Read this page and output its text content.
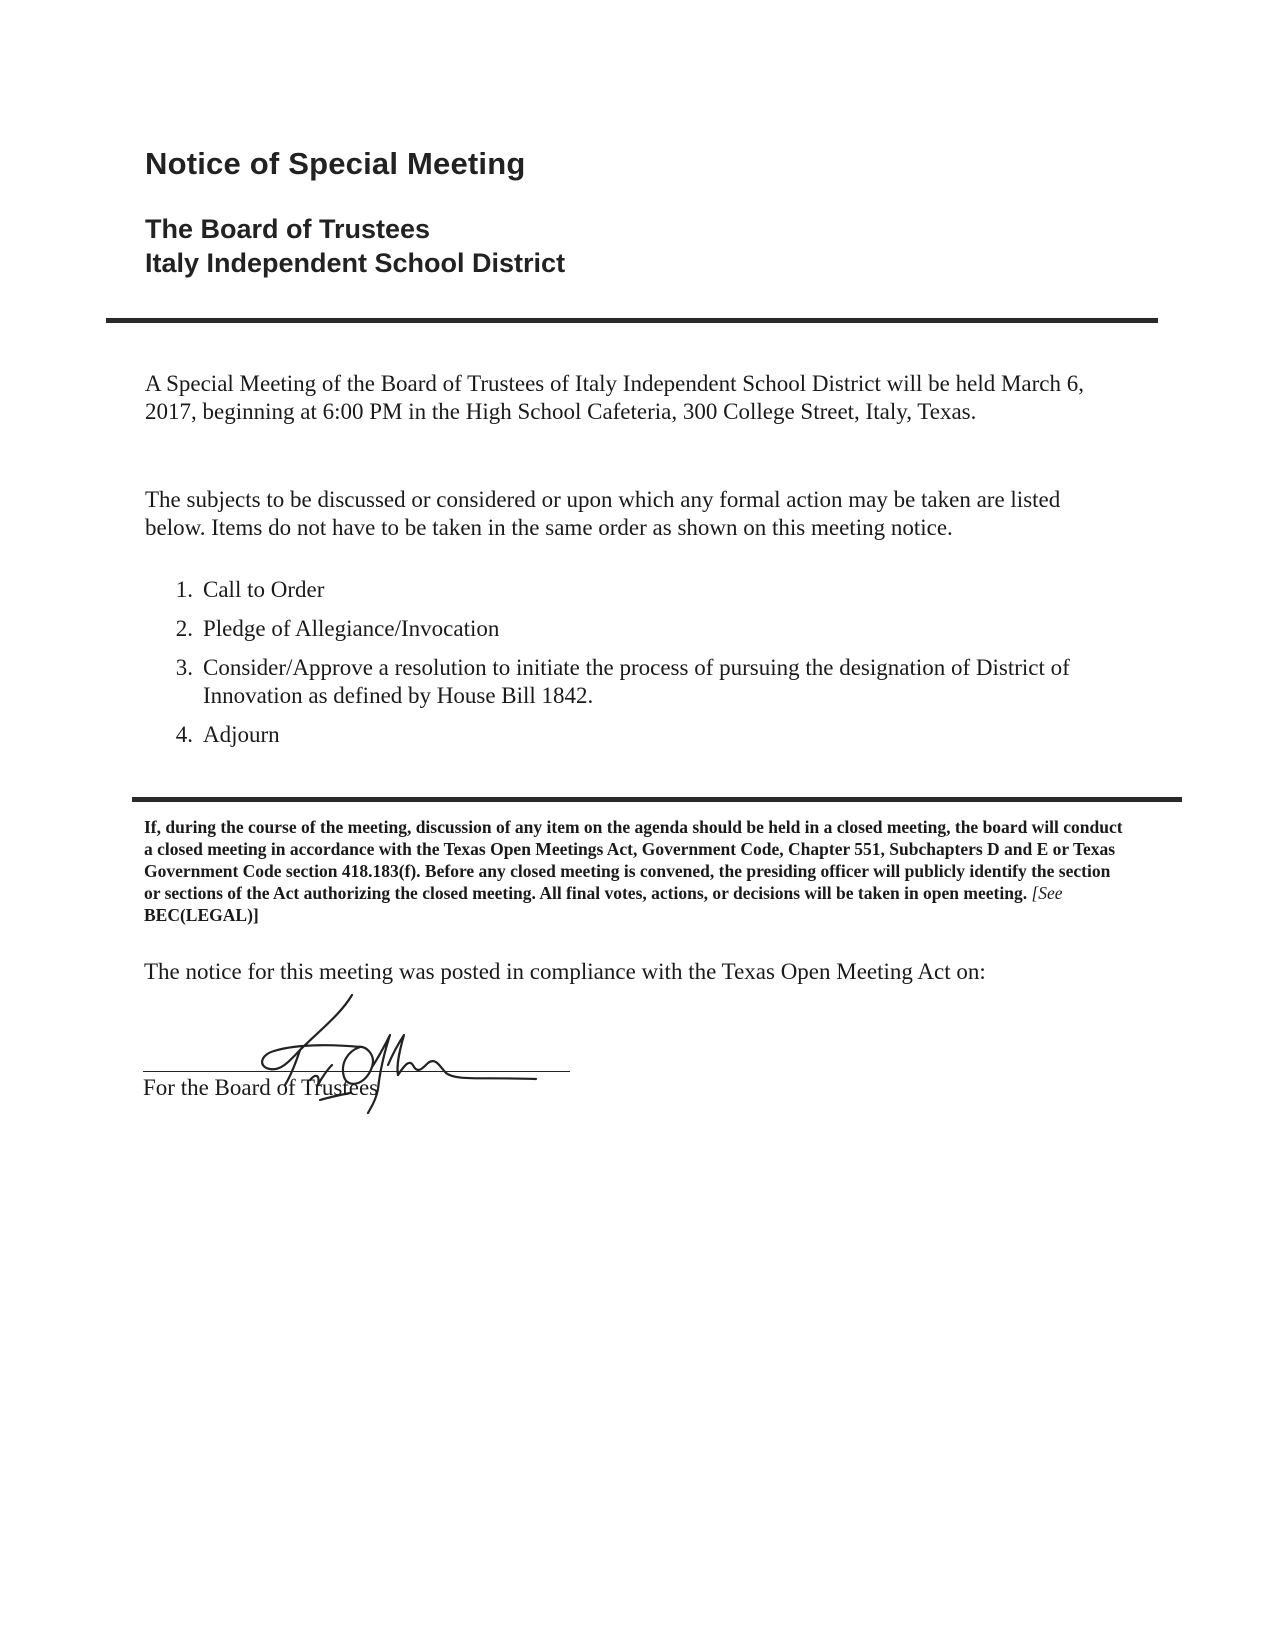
Notice of Special Meeting
The Board of Trustees
Italy Independent School District

A Special Meeting of the Board of Trustees of Italy Independent School District will be held March 6, 2017, beginning at 6:00 PM in the High School Cafeteria, 300 College Street, Italy, Texas.

The subjects to be discussed or considered or upon which any formal action may be taken are listed below. Items do not have to be taken in the same order as shown on this meeting notice.

1. Call to Order
2. Pledge of Allegiance/Invocation
3. Consider/Approve a resolution to initiate the process of pursuing the designation of District of Innovation as defined by House Bill 1842.
4. Adjourn

If, during the course of the meeting, discussion of any item on the agenda should be held in a closed meeting, the board will conduct a closed meeting in accordance with the Texas Open Meetings Act, Government Code, Chapter 551, Subchapters D and E or Texas Government Code section 418.183(f). Before any closed meeting is convened, the presiding officer will publicly identify the section or sections of the Act authorizing the closed meeting. All final votes, actions, or decisions will be taken in open meeting. [See BEC(LEGAL)]

The notice for this meeting was posted in compliance with the Texas Open Meeting Act on:

For the Board of Trustees
